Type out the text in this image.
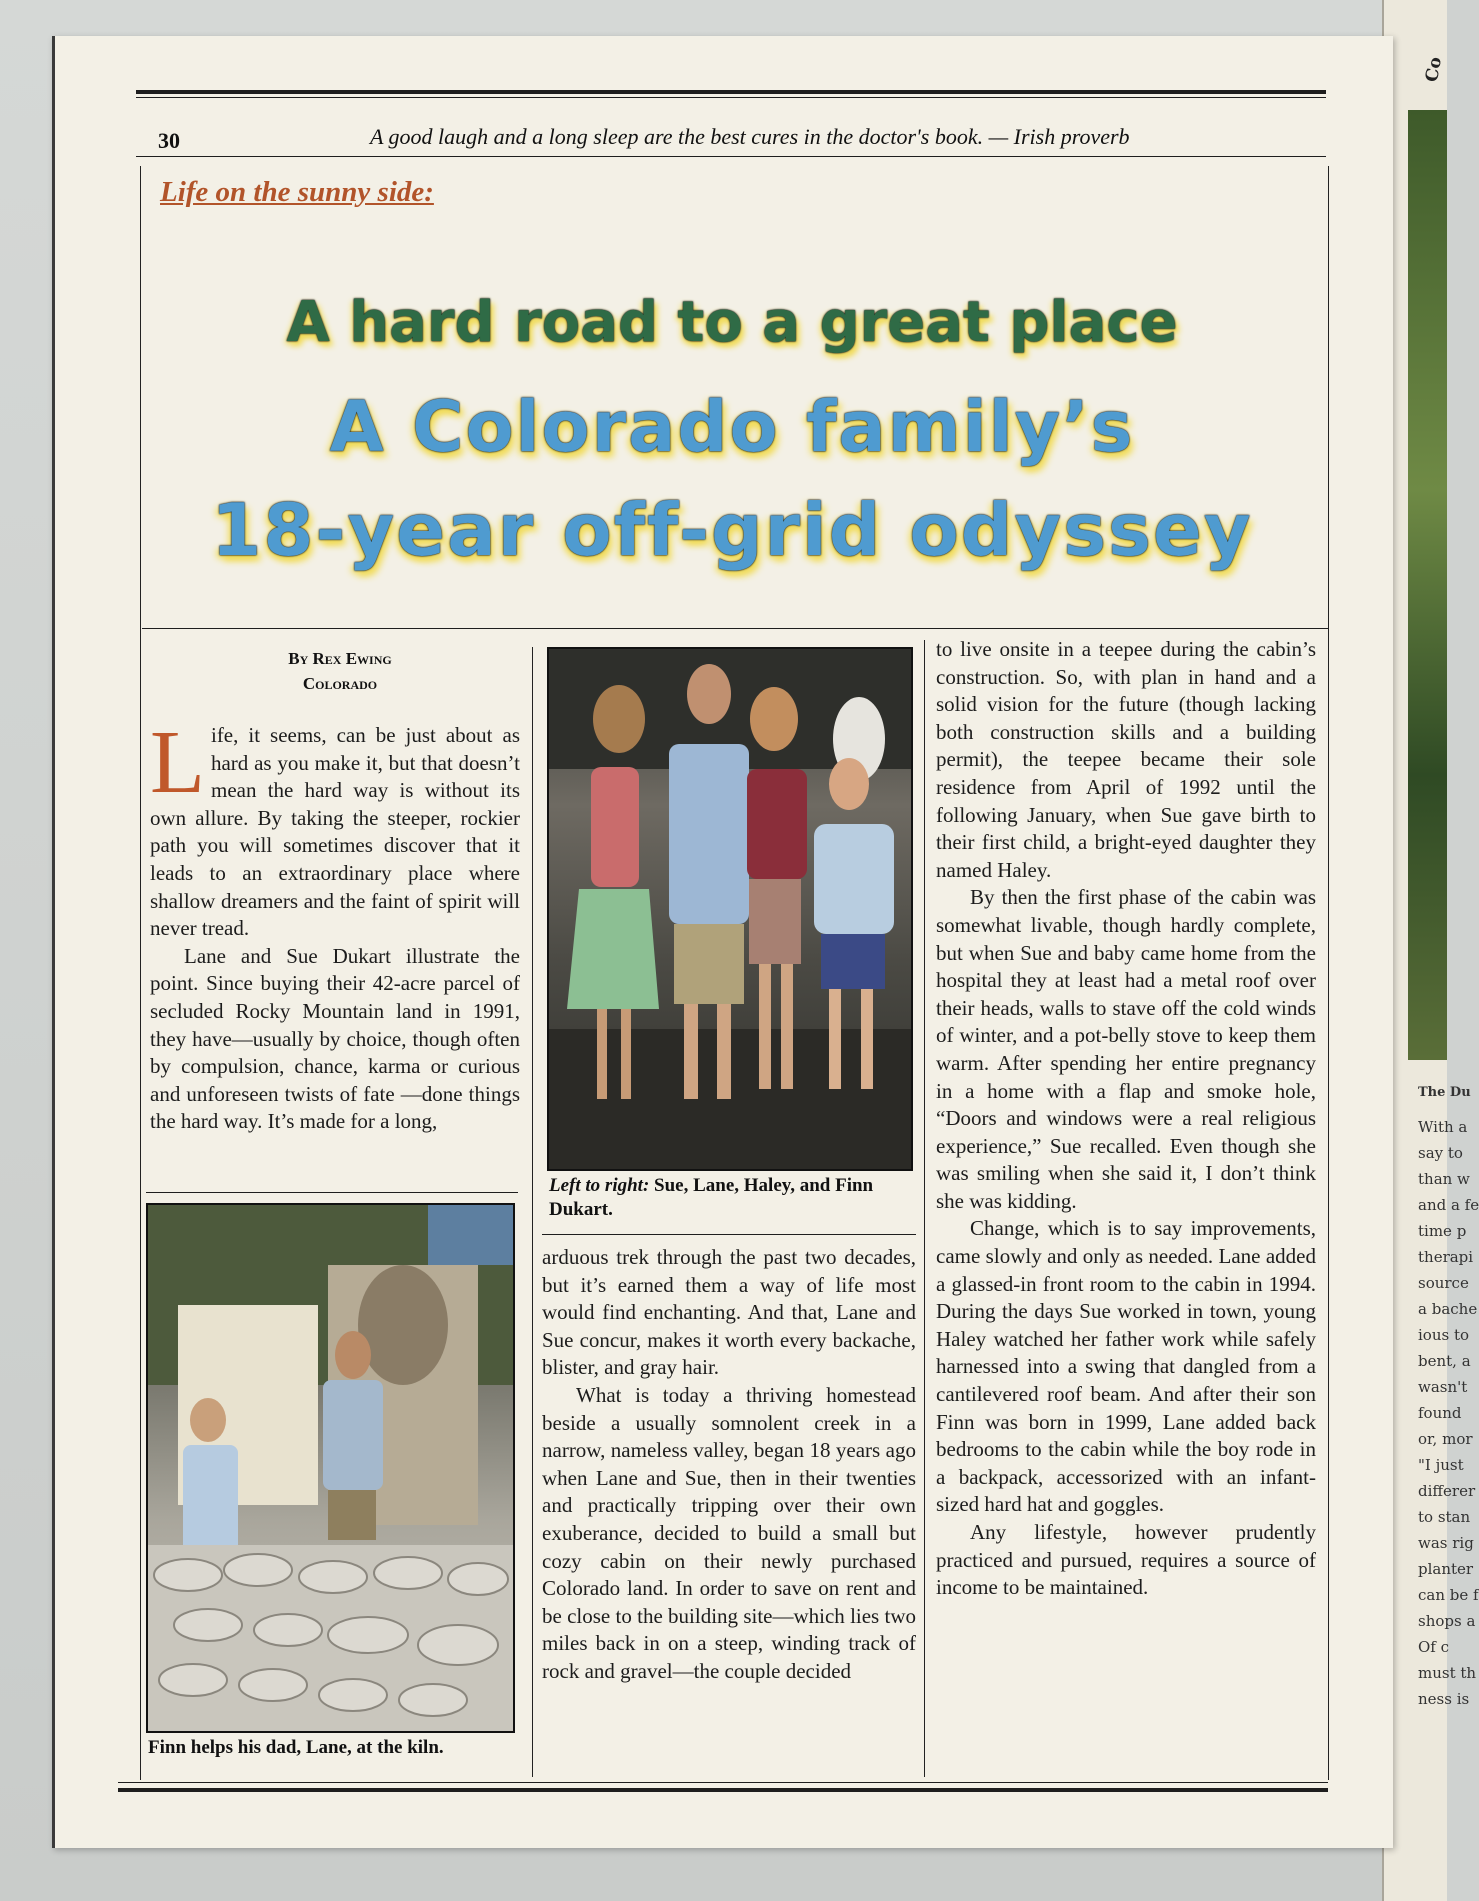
Co
The Du
With a
say to
than w
and a fe
time p
therapi
source
a bache
ious to
bent, a
wasn't
found
or, mor
"I just
differer
to stan
was rig
planter
can be f
shops a
Of c
must th
ness is
30	A good laugh and a long sleep are the best cures in the doctor's book. — Irish proverb
Life on the sunny side:
A hard road to a great place
A Colorado family’s
18-year off-grid odyssey
By Rex Ewing
Colorado

Life, it seems, can be just about as hard as you make it, but that doesn’t mean the hard way is without its own allure. By taking the steeper, rockier path you will sometimes discover that it leads to an extraordinary place where shallow dreamers and the faint of spirit will never tread.

Lane and Sue Dukart illustrate the point. Since buying their 42-acre parcel of secluded Rocky Mountain land in 1991, they have—usually by choice, though often by compulsion, chance, karma or curious and unforeseen twists of fate —done things the hard way. It’s made for a long,

Left to right: Sue, Lane, Haley, and Finn Dukart.
Finn helps his dad, Lane, at the kiln.

arduous trek through the past two decades, but it’s earned them a way of life most would find enchanting. And that, Lane and Sue concur, makes it worth every backache, blister, and gray hair.

What is today a thriving homestead beside a usually somnolent creek in a narrow, nameless valley, began 18 years ago when Lane and Sue, then in their twenties and practically tripping over their own exuberance, decided to build a small but cozy cabin on their newly purchased Colorado land. In order to save on rent and be close to the building site—which lies two miles back in on a steep, winding track of rock and gravel—the couple decided

to live onsite in a teepee during the cabin’s construction. So, with plan in hand and a solid vision for the future (though lacking both construction skills and a building permit), the teepee became their sole residence from April of 1992 until the following January, when Sue gave birth to their first child, a bright-eyed daughter they named Haley.

By then the first phase of the cabin was somewhat livable, though hardly complete, but when Sue and baby came home from the hospital they at least had a metal roof over their heads, walls to stave off the cold winds of winter, and a pot-belly stove to keep them warm. After spending her entire pregnancy in a home with a flap and smoke hole, “Doors and windows were a real religious experience,” Sue recalled. Even though she was smiling when she said it, I don’t think she was kidding.

Change, which is to say improvements, came slowly and only as needed. Lane added a glassed-in front room to the cabin in 1994. During the days Sue worked in town, young Haley watched her father work while safely harnessed into a swing that dangled from a cantilevered roof beam. And after their son Finn was born in 1999, Lane added back bedrooms to the cabin while the boy rode in a backpack, accessorized with an infant-sized hard hat and goggles.

Any lifestyle, however prudently practiced and pursued, requires a source of income to be maintained.
